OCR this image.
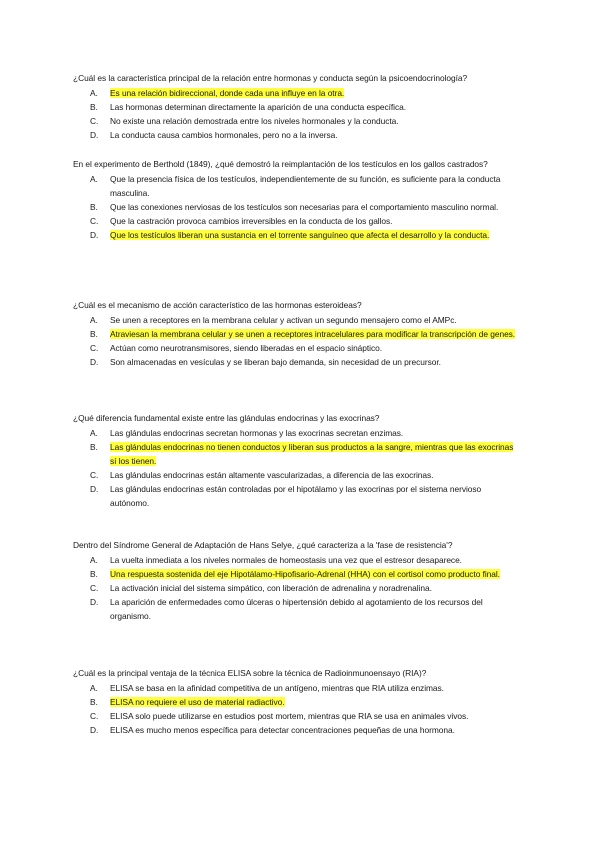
¿Cuál es la característica principal de la relación entre hormonas y conducta según la psicoendocrinología?

A. Es una relación bidireccional, donde cada una influye en la otra.
B. Las hormonas determinan directamente la aparición de una conducta específica.
C. No existe una relación demostrada entre los niveles hormonales y la conducta.
D. La conducta causa cambios hormonales, pero no a la inversa.

En el experimento de Berthold (1849), ¿qué demostró la reimplantación de los testículos en los gallos castrados?

A. Que la presencia física de los testículos, independientemente de su función, es suficiente para la conducta masculina.
B. Que las conexiones nerviosas de los testículos son necesarias para el comportamiento masculino normal.
C. Que la castración provoca cambios irreversibles en la conducta de los gallos.
D. Que los testículos liberan una sustancia en el torrente sanguíneo que afecta el desarrollo y la conducta.

¿Cuál es el mecanismo de acción característico de las hormonas esteroideas?

A. Se unen a receptores en la membrana celular y activan un segundo mensajero como el AMPc.
B. Atraviesan la membrana celular y se unen a receptores intracelulares para modificar la transcripción de genes.
C. Actúan como neurotransmisores, siendo liberadas en el espacio sináptico.
D. Son almacenadas en vesículas y se liberan bajo demanda, sin necesidad de un precursor.

¿Qué diferencia fundamental existe entre las glándulas endocrinas y las exocrinas?

A. Las glándulas endocrinas secretan hormonas y las exocrinas secretan enzimas.
B. Las glándulas endocrinas no tienen conductos y liberan sus productos a la sangre, mientras que las exocrinas sí los tienen.
C. Las glándulas endocrinas están altamente vascularizadas, a diferencia de las exocrinas.
D. Las glándulas endocrinas están controladas por el hipotálamo y las exocrinas por el sistema nervioso autónomo.

Dentro del Síndrome General de Adaptación de Hans Selye, ¿qué caracteriza a la 'fase de resistencia'?

A. La vuelta inmediata a los niveles normales de homeostasis una vez que el estresor desaparece.
B. Una respuesta sostenida del eje Hipotálamo-Hipofisario-Adrenal (HHA) con el cortisol como producto final.
C. La activación inicial del sistema simpático, con liberación de adrenalina y noradrenalina.
D. La aparición de enfermedades como úlceras o hipertensión debido al agotamiento de los recursos del organismo.

¿Cuál es la principal ventaja de la técnica ELISA sobre la técnica de Radioinmunoensayo (RIA)?

A. ELISA se basa en la afinidad competitiva de un antígeno, mientras que RIA utiliza enzimas.
B. ELISA no requiere el uso de material radiactivo.
C. ELISA solo puede utilizarse en estudios post mortem, mientras que RIA se usa en animales vivos.
D. ELISA es mucho menos específica para detectar concentraciones pequeñas de una hormona.
